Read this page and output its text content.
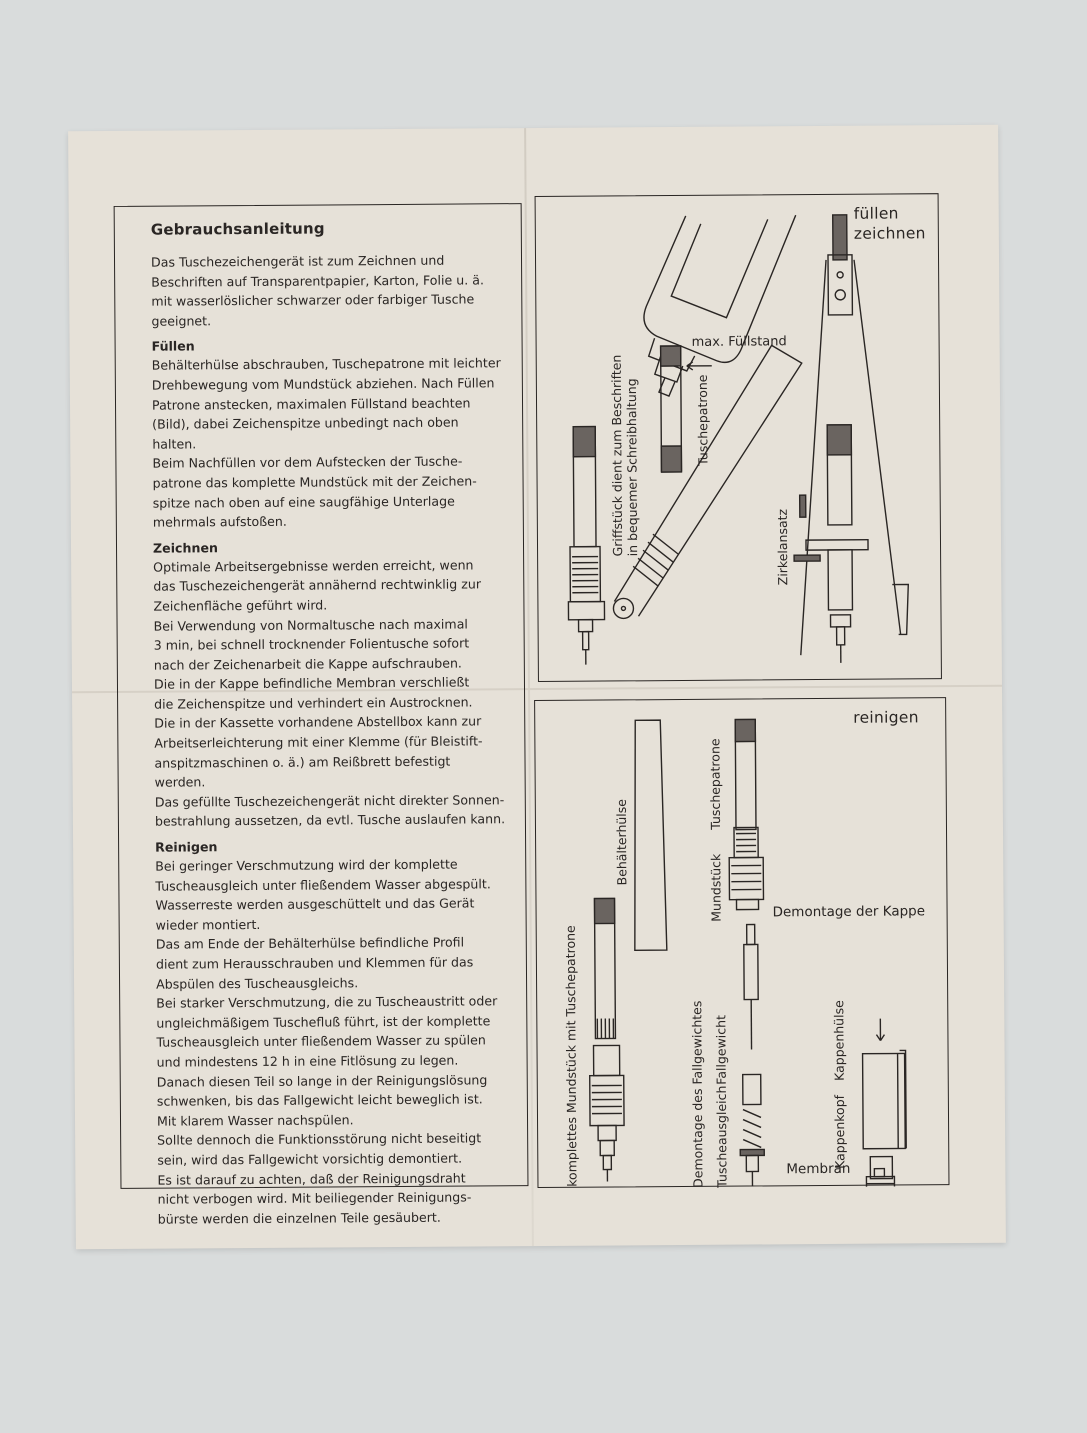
Gebrauchsanleitung

Das Tuschezeichengerät ist zum Zeichnen und
Beschriften auf Transparentpapier, Karton, Folie u. ä.
mit wasserlöslicher schwarzer oder farbiger Tusche
geeignet.

Füllen

Behälterhülse abschrauben, Tuschepatrone mit leichter
Drehbewegung vom Mundstück abziehen. Nach Füllen
Patrone anstecken, maximalen Füllstand beachten
(Bild), dabei Zeichenspitze unbedingt nach oben
halten.
Beim Nachfüllen vor dem Aufstecken der Tusche-
patrone das komplette Mundstück mit der Zeichen-
spitze nach oben auf eine saugfähige Unterlage
mehrmals aufstoßen.

Zeichnen

Optimale Arbeitsergebnisse werden erreicht, wenn
das Tuschezeichengerät annähernd rechtwinklig zur
Zeichenfläche geführt wird.
Bei Verwendung von Normaltusche nach maximal
3 min, bei schnell trocknender Folientusche sofort
nach der Zeichenarbeit die Kappe aufschrauben.
Die in der Kappe befindliche Membran verschließt
die Zeichenspitze und verhindert ein Austrocknen.
Die in der Kassette vorhandene Abstellbox kann zur
Arbeitserleichterung mit einer Klemme (für Bleistift-
anspitzmaschinen o. ä.) am Reißbrett befestigt
werden.
Das gefüllte Tuschezeichengerät nicht direkter Sonnen-
bestrahlung aussetzen, da evtl. Tusche auslaufen kann.

Reinigen

Bei geringer Verschmutzung wird der komplette
Tuscheausgleich unter fließendem Wasser abgespült.
Wasserreste werden ausgeschüttelt und das Gerät
wieder montiert.
Das am Ende der Behälterhülse befindliche Profil
dient zum Herausschrauben und Klemmen für das
Abspülen des Tuscheausgleichs.
Bei starker Verschmutzung, die zu Tuscheaustritt oder
ungleichmäßigem Tuschefluß führt, ist der komplette
Tuscheausgleich unter fließendem Wasser zu spülen
und mindestens 12 h in eine Fitlösung zu legen.
Danach diesen Teil so lange in der Reinigungslösung
schwenken, bis das Fallgewicht leicht beweglich ist.
Mit klarem Wasser nachspülen.
Sollte dennoch die Funktionsstörung nicht beseitigt
sein, wird das Fallgewicht vorsichtig demontiert.
Es ist darauf zu achten, daß der Reinigungsdraht
nicht verbogen wird. Mit beiliegender Reinigungs-
bürste werden die einzelnen Teile gesäubert.

füllen
zeichnen
max. Füllstand
Tuschepatrone
Griffstück dient zum Beschriften
in bequemer Schreibhaltung	Zirkelansatz
reinigen
Behälterhülse
Mundstück
Tuschepatrone
komplettes Mundstück mit Tuschepatrone
Demontage der Kappe
Demontage des Fallgewichtes Tuscheausgleich
Fallgewicht
Kappenkopf
Kappenhülse
Membran
